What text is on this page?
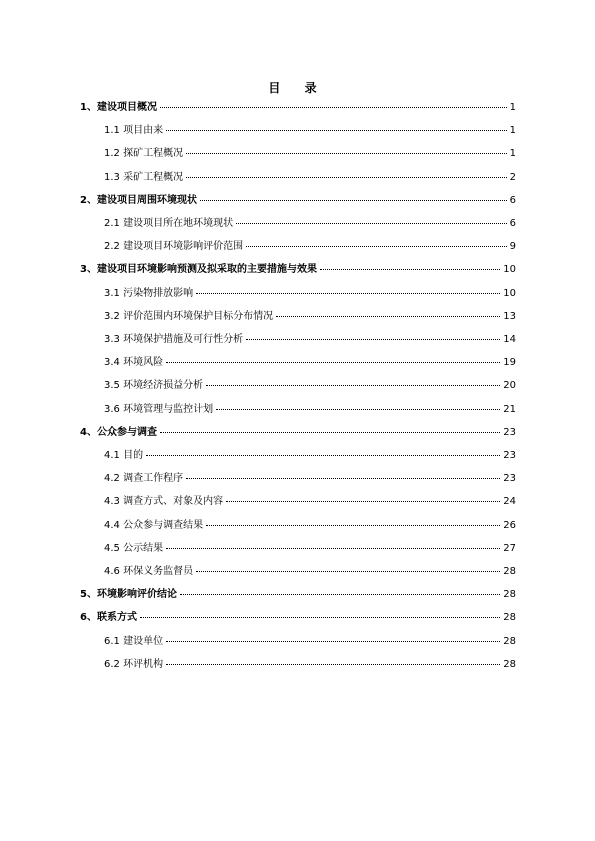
目 录
1、建设项目概况	1
1.1 项目由来	1
1.2 探矿工程概况	1
1.3 采矿工程概况	2
2、建设项目周围环境现状	6
2.1 建设项目所在地环境现状	6
2.2 建设项目环境影响评价范围	9
3、建设项目环境影响预测及拟采取的主要措施与效果	10
3.1 污染物排放影响	10
3.2 评价范围内环境保护目标分布情况	13
3.3 环境保护措施及可行性分析	14
3.4 环境风险	19
3.5 环境经济损益分析	20
3.6 环境管理与监控计划	21
4、公众参与调查	23
4.1 目的	23
4.2 调查工作程序	23
4.3 调查方式、对象及内容	24
4.4 公众参与调查结果	26
4.5 公示结果	27
4.6 环保义务监督员	28
5、环境影响评价结论	28
6、联系方式	28
6.1 建设单位	28
6.2 环评机构	28
